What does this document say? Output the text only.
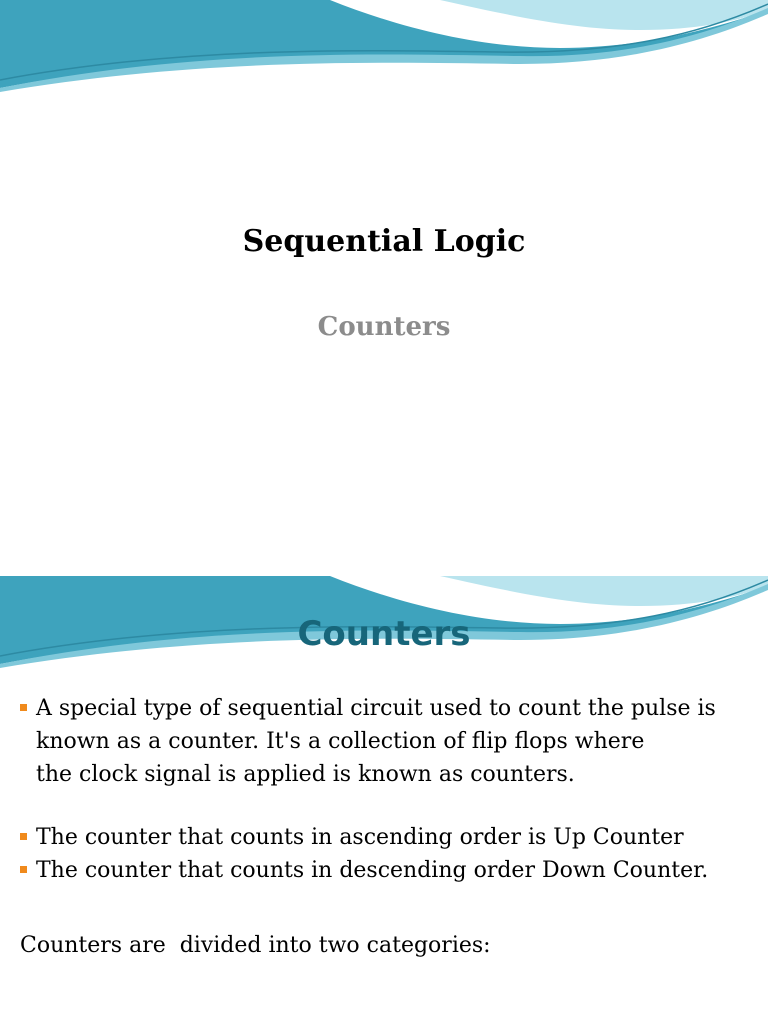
Sequential Logic
Counters
Counters
A special type of sequential circuit used to count the pulse is
known as a counter. It's a collection of flip flops where
the clock signal is applied is known as counters.
The counter that counts in ascending order is Up Counter
The counter that counts in descending order Down Counter.

Counters are  divided into two categories:
